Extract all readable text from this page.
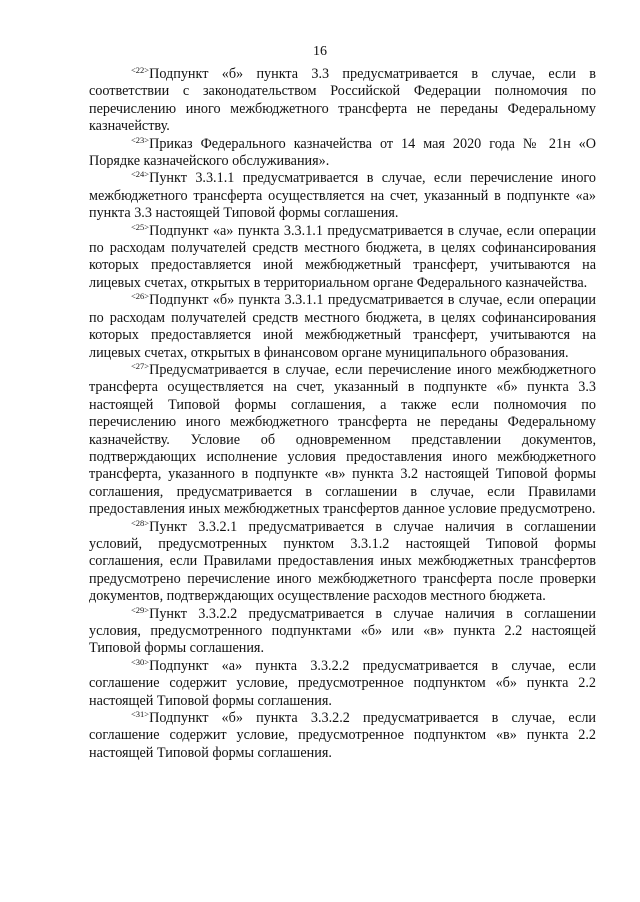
16

$^{<22>}$Подпункт «б» пункта 3.3 предусматривается в случае, если в соответствии с законодательством Российской Федерации полномочия по перечислению иного межбюджетного трансферта не переданы Федеральному казначейству.

$^{<23>}$Приказ Федерального казначейства от 14 мая 2020 года № 21н «О Порядке казначейского обслуживания».

$^{<24>}$Пункт 3.3.1.1 предусматривается в случае, если перечисление иного межбюджетного трансферта осуществляется на счет, указанный в подпункте «а» пункта 3.3 настоящей Типовой формы соглашения.

$^{<25>}$Подпункт «а» пункта 3.3.1.1 предусматривается в случае, если операции по расходам получателей средств местного бюджета, в целях софинансирования которых предоставляется иной межбюджетный трансферт, учитываются на лицевых счетах, открытых в территориальном органе Федерального казначейства.

$^{<26>}$Подпункт «б» пункта 3.3.1.1 предусматривается в случае, если операции по расходам получателей средств местного бюджета, в целях софинансирования которых предоставляется иной межбюджетный трансферт, учитываются на лицевых счетах, открытых в финансовом органе муниципального образования.

$^{<27>}$Предусматривается в случае, если перечисление иного межбюджетного трансферта осуществляется на счет, указанный в подпункте «б» пункта 3.3 настоящей Типовой формы соглашения, а также если полномочия по перечислению иного межбюджетного трансферта не переданы Федеральному казначейству. Условие об одновременном представлении документов, подтверждающих исполнение условия предоставления иного межбюджетного трансферта, указанного в подпункте «в» пункта 3.2 настоящей Типовой формы соглашения, предусматривается в соглашении в случае, если Правилами предоставления иных межбюджетных трансфертов данное условие предусмотрено.

$^{<28>}$Пункт 3.3.2.1 предусматривается в случае наличия в соглашении условий, предусмотренных пунктом 3.3.1.2 настоящей Типовой формы соглашения, если Правилами предоставления иных межбюджетных трансфертов предусмотрено перечисление иного межбюджетного трансферта после проверки документов, подтверждающих осуществление расходов местного бюджета.

$^{<29>}$Пункт 3.3.2.2 предусматривается в случае наличия в соглашении условия, предусмотренного подпунктами «б» или «в» пункта 2.2 настоящей Типовой формы соглашения.

$^{<30>}$Подпункт «а» пункта 3.3.2.2 предусматривается в случае, если соглашение содержит условие, предусмотренное подпунктом «б» пункта 2.2 настоящей Типовой формы соглашения.

$^{<31>}$Подпункт «б» пункта 3.3.2.2 предусматривается в случае, если соглашение содержит условие, предусмотренное подпунктом «в» пункта 2.2 настоящей Типовой формы соглашения.
